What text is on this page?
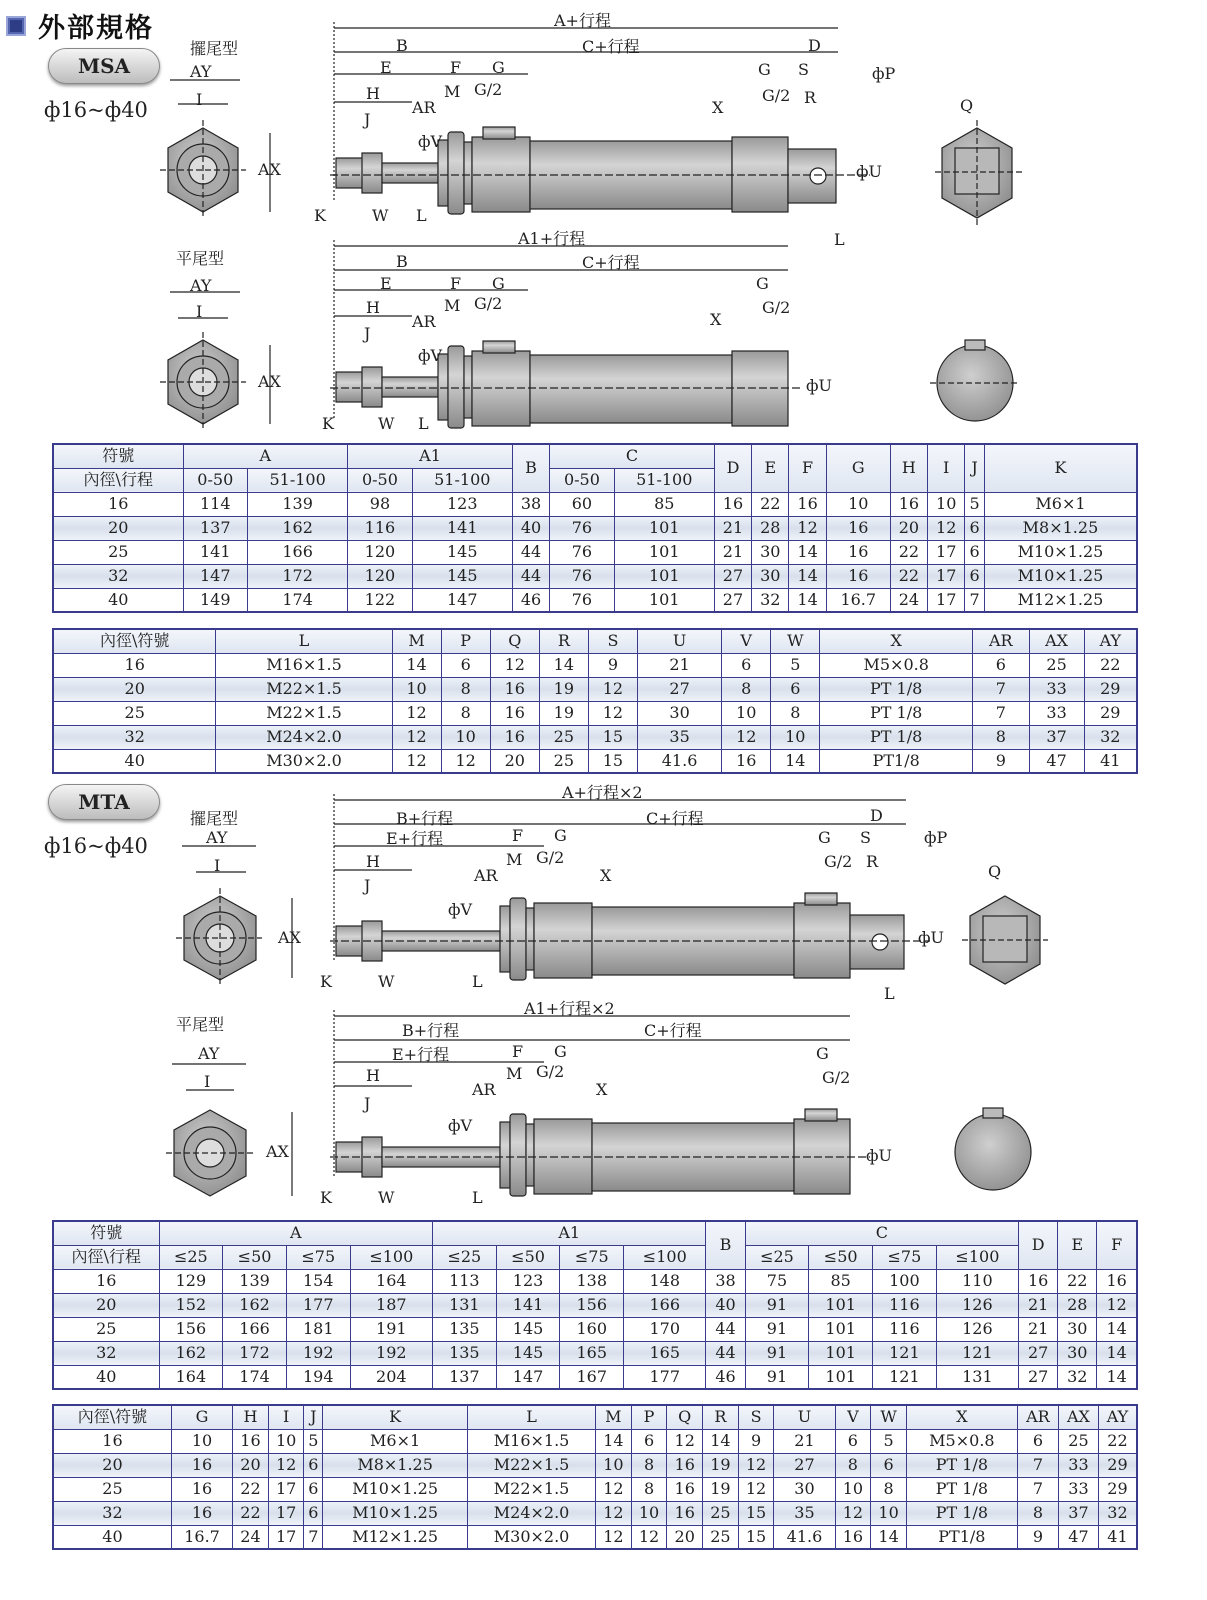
外部規格
MSA
ф16~ф40
MTA
ф16~ф40
擺尾型
AY
I
AX
平尾型
AY
I
AX
A+行程
B	C+行程	D
E	F G	G S	фP
H	M G/2	G/2 R
AR	X
J
фV
фU
K	W L
L
Q
A1+行程
B	C+行程
E	F G	G
H	M G/2	G/2
AR	X
J
фV
фU
K	W L
擺尾型
AY
I
AX
平尾型
AY
I
AX
A+行程×2
B+行程	C+行程	D
E+行程	F G	G S	фP
H	M G/2	G/2 R
AR	X
J
фV
фU
K	W	L
L
Q
A1+行程×2
B+行程	C+行程
E+行程	F G	G
H	M G/2	G/2
AR	X
J
фV
фU
K	W	L
符號	A		A1		B	C		D	E	F	G	H	I	J	K
內徑\行程	0-50	51-100	0-50	51-100		0-50	51-100								
16	114	139	98	123	38	60	85	16	22	16	10	16	10	5	M6×1
20	137	162	116	141	40	76	101	21	28	12	16	20	12	6	M8×1.25
25	141	166	120	145	44	76	101	21	30	14	16	22	17	6	M10×1.25
32	147	172	120	145	44	76	101	27	30	14	16	22	17	6	M10×1.25
40	149	174	122	147	46	76	101	27	32	14	16.7	24	17	7	M12×1.25
內徑\符號	L	M	P	Q	R	S	U	V	W	X	AR	AX	AY
16	M16×1.5	14	6	12	14	9	21	6	5	M5×0.8	6	25	22
20	M22×1.5	10	8	16	19	12	27	8	6	PT 1/8	7	33	29
25	M22×1.5	12	8	16	19	12	30	10	8	PT 1/8	7	33	29
32	M24×2.0	12	10	16	25	15	35	12	10	PT 1/8	8	37	32
40	M30×2.0	12	12	20	25	15	41.6	16	14	PT1/8	9	47	41
符號	A				A1				B	C				D	E	F
內徑\行程	≤25	≤50	≤75	≤100	≤25	≤50	≤75	≤100		≤25	≤50	≤75	≤100			
16	129	139	154	164	113	123	138	148	38	75	85	100	110	16	22	16
20	152	162	177	187	131	141	156	166	40	91	101	116	126	21	28	12
25	156	166	181	191	135	145	160	170	44	91	101	116	126	21	30	14
32	162	172	192	192	135	145	165	165	44	91	101	121	121	27	30	14
40	164	174	194	204	137	147	167	177	46	91	101	121	131	27	32	14
內徑\符號	G	H	I	J	K	L	M	P	Q	R	S	U	V	W	X	AR	AX	AY
16	10	16	10	5	M6×1	M16×1.5	14	6	12	14	9	21	6	5	M5×0.8	6	25	22
20	16	20	12	6	M8×1.25	M22×1.5	10	8	16	19	12	27	8	6	PT 1/8	7	33	29
25	16	22	17	6	M10×1.25	M22×1.5	12	8	16	19	12	30	10	8	PT 1/8	7	33	29
32	16	22	17	6	M10×1.25	M24×2.0	12	10	16	25	15	35	12	10	PT 1/8	8	37	32
40	16.7	24	17	7	M12×1.25	M30×2.0	12	12	20	25	15	41.6	16	14	PT1/8	9	47	41
